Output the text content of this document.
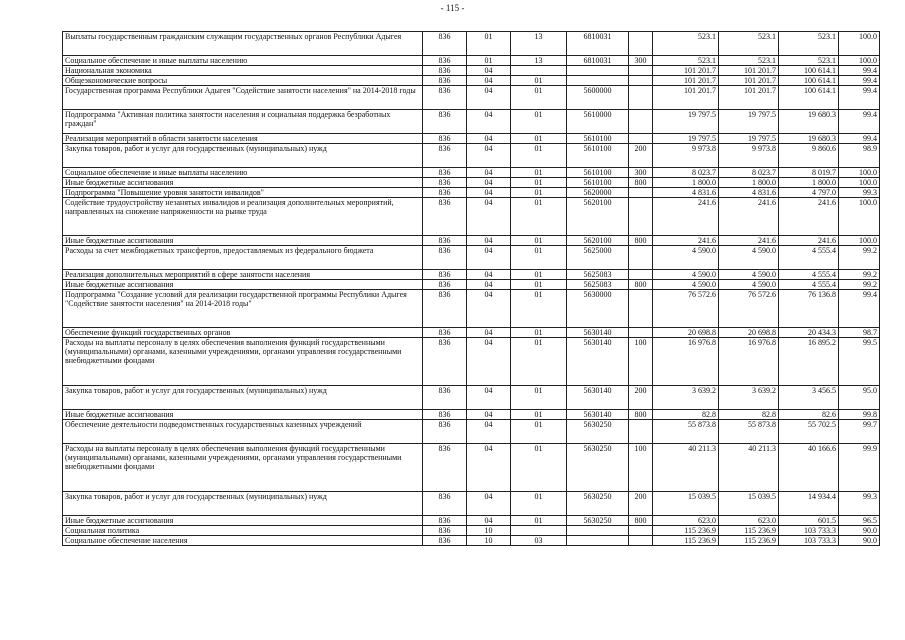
- 115 -
Выплаты государственным гражданским служащим государственных органов Республики Адыгея	836	01	13	6810031		523.1	523.1	523.1	100.0
Социальное обеспечение и иные выплаты населению	836	01	13	6810031	300	523.1	523.1	523.1	100.0
Национальная экономика	836	04				101 201.7	101 201.7	100 614.1	99.4
Общеэкономические вопросы	836	04	01			101 201.7	101 201.7	100 614.1	99.4
Государственная программа Республики Адыгея "Содействие занятости населения" на 2014-2018 годы	836	04	01	5600000		101 201.7	101 201.7	100 614.1	99.4
Подпрограмма "Активная политика занятости населения и социальная поддержка безработных граждан"	836	04	01	5610000		19 797.5	19 797.5	19 680.3	99.4
Реализация мероприятий в области занятости населения	836	04	01	5610100		19 797.5	19 797.5	19 680.3	99.4
Закупка товаров, работ и услуг для государственных (муниципальных) нужд	836	04	01	5610100	200	9 973.8	9 973.8	9 860.6	98.9
Социальное обеспечение и иные выплаты населению	836	04	01	5610100	300	8 023.7	8 023.7	8 019.7	100.0
Иные бюджетные ассигнования	836	04	01	5610100	800	1 800.0	1 800.0	1 800.0	100.0
Подпрограмма "Повышение уровня занятости инвалидов"	836	04	01	5620000		4 831.6	4 831.6	4 797.0	99.3
Содействие трудоустройству незанятых инвалидов и реализация дополнительных мероприятий, направленных на снижение напряженности на рынке труда	836	04	01	5620100		241.6	241.6	241.6	100.0
Иные бюджетные ассигнования	836	04	01	5620100	800	241.6	241.6	241.6	100.0
Расходы за счет межбюджетных трансфертов, предоставляемых из федерального бюджета	836	04	01	5625000		4 590.0	4 590.0	4 555.4	99.2
Реализация дополнительных мероприятий в сфере занятости населения	836	04	01	5625083		4 590.0	4 590.0	4 555.4	99.2
Иные бюджетные ассигнования	836	04	01	5625083	800	4 590.0	4 590.0	4 555.4	99.2
Подпрограмма "Создание условий для реализации государственной программы Республики Адыгея "Содействие занятости населения" на 2014-2018 годы"	836	04	01	5630000		76 572.6	76 572.6	76 136.8	99.4
Обеспечение функций государственных органов	836	04	01	5630140		20 698.8	20 698.8	20 434.3	98.7
Расходы на выплаты персоналу в целях обеспечения выполнения функций государственными (муниципальными) органами, казенными учреждениями, органами управления государственными внебюджетными фондами	836	04	01	5630140	100	16 976.8	16 976.8	16 895.2	99.5
Закупка товаров, работ и услуг для государственных (муниципальных) нужд	836	04	01	5630140	200	3 639.2	3 639.2	3 456.5	95.0
Иные бюджетные ассигнования	836	04	01	5630140	800	82.8	82.8	82.6	99.8
Обеспечение деятельности подведомственных государственных казенных учреждений	836	04	01	5630250		55 873.8	55 873.8	55 702.5	99.7
Расходы на выплаты персоналу в целях обеспечения выполнения функций государственными (муниципальными) органами, казенными учреждениями, органами управления государственными внебюджетными фондами	836	04	01	5630250	100	40 211.3	40 211.3	40 166.6	99.9
Закупка товаров, работ и услуг для государственных (муниципальных) нужд	836	04	01	5630250	200	15 039.5	15 039.5	14 934.4	99.3
Иные бюджетные ассигнования	836	04	01	5630250	800	623.0	623.0	601.5	96.5
Социальная политика	836	10				115 236.9	115 236.9	103 733.3	90.0
Социальное обеспечение населения	836	10	03			115 236.9	115 236.9	103 733.3	90.0
